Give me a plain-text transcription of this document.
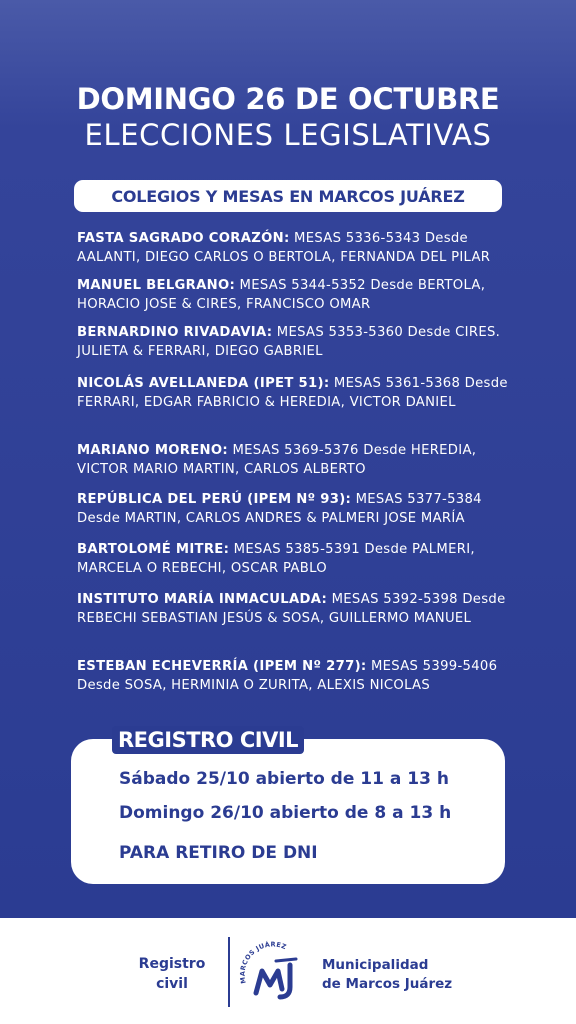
DOMINGO 26 DE OCTUBRE
ELECCIONES LEGISLATIVAS
COLEGIOS Y MESAS EN MARCOS JUÁREZ
FASTA SAGRADO CORAZÓN: MESAS 5336-5343 Desde AALANTI, DIEGO CARLOS O BERTOLA, FERNANDA DEL PILAR
MANUEL BELGRANO: MESAS 5344-5352 Desde BERTOLA, HORACIO JOSE & CIRES, FRANCISCO OMAR
BERNARDINO RIVADAVIA: MESAS 5353-5360 Desde CIRES. JULIETA & FERRARI, DIEGO GABRIEL
NICOLÁS AVELLANEDA (IPET 51): MESAS 5361-5368 Desde FERRARI, EDGAR FABRICIO & HEREDIA, VICTOR DANIEL
MARIANO MORENO: MESAS 5369-5376 Desde HEREDIA, VICTOR MARIO MARTIN, CARLOS ALBERTO
REPÚBLICA DEL PERÚ (IPEM Nº 93): MESAS 5377-5384 Desde MARTIN, CARLOS ANDRES & PALMERI JOSE MARÍA
BARTOLOMÉ MITRE: MESAS 5385-5391 Desde PALMERI, MARCELA O REBECHI, OSCAR PABLO
INSTITUTO MARÍA INMACULADA: MESAS 5392-5398 Desde REBECHI SEBASTIAN JESÚS & SOSA, GUILLERMO MANUEL
ESTEBAN ECHEVERRÍA (IPEM Nº 277): MESAS 5399-5406 Desde SOSA, HERMINIA O ZURITA, ALEXIS NICOLAS
REGISTRO CIVIL
Sábado 25/10 abierto de 11 a 13 h
Domingo 26/10 abierto de 8 a 13 h
PARA RETIRO DE DNI
Registro
civil	MARCOS JUÁREZ
Municipalidad
de Marcos Juárez
